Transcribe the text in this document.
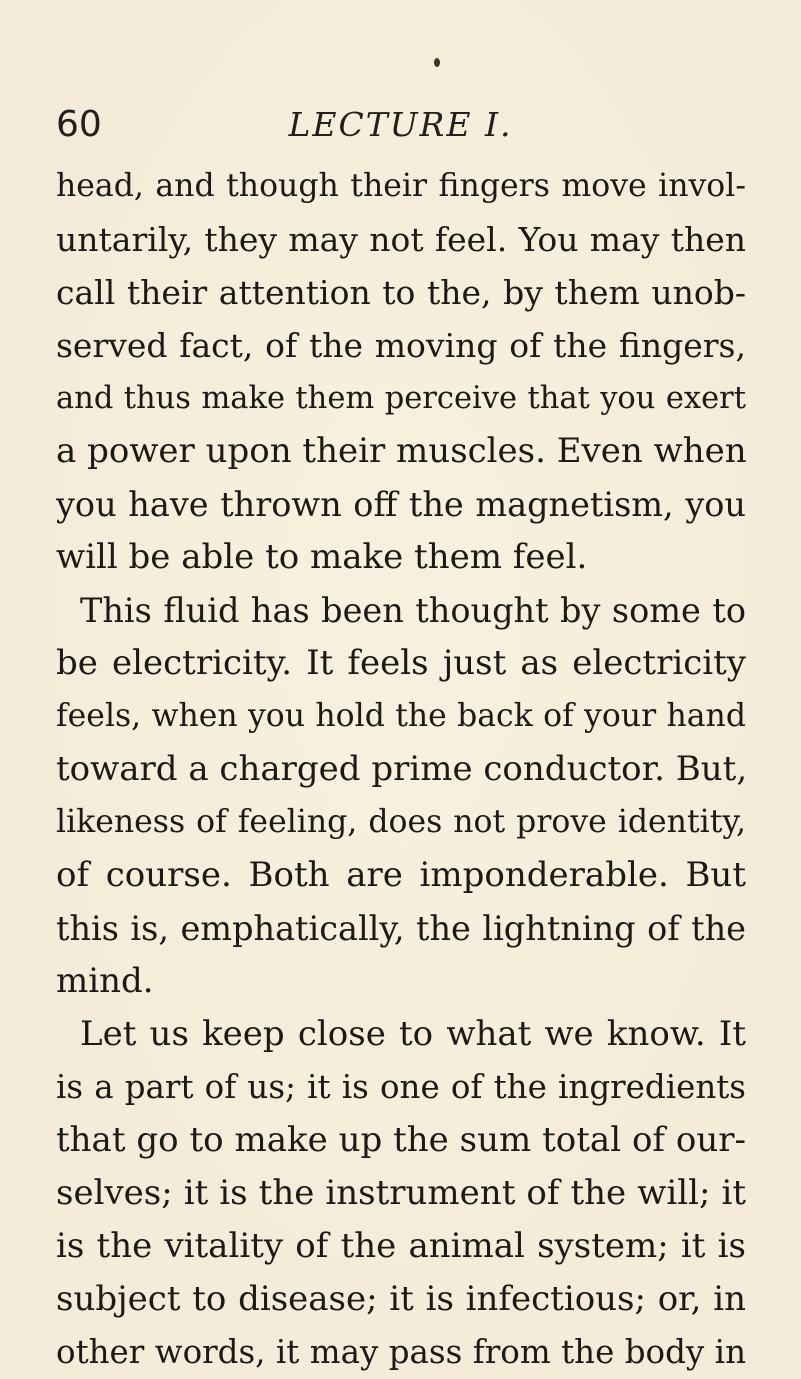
60	LECTURE I.
head, and though their fingers move invol-
untarily, they may not feel. You may then
call their attention to the, by them unob-
served fact, of the moving of the fingers,
and thus make them perceive that you exert
a power upon their muscles. Even when
you have thrown off the magnetism, you
will be able to make them feel.
This fluid has been thought by some to
be electricity. It feels just as electricity
feels, when you hold the back of your hand
toward a charged prime conductor. But,
likeness of feeling, does not prove identity,
of course. Both are imponderable. But
this is, emphatically, the lightning of the
mind.
Let us keep close to what we know. It
is a part of us; it is one of the ingredients
that go to make up the sum total of our-
selves; it is the instrument of the will; it
is the vitality of the animal system; it is
subject to disease; it is infectious; or, in
other words, it may pass from the body in
